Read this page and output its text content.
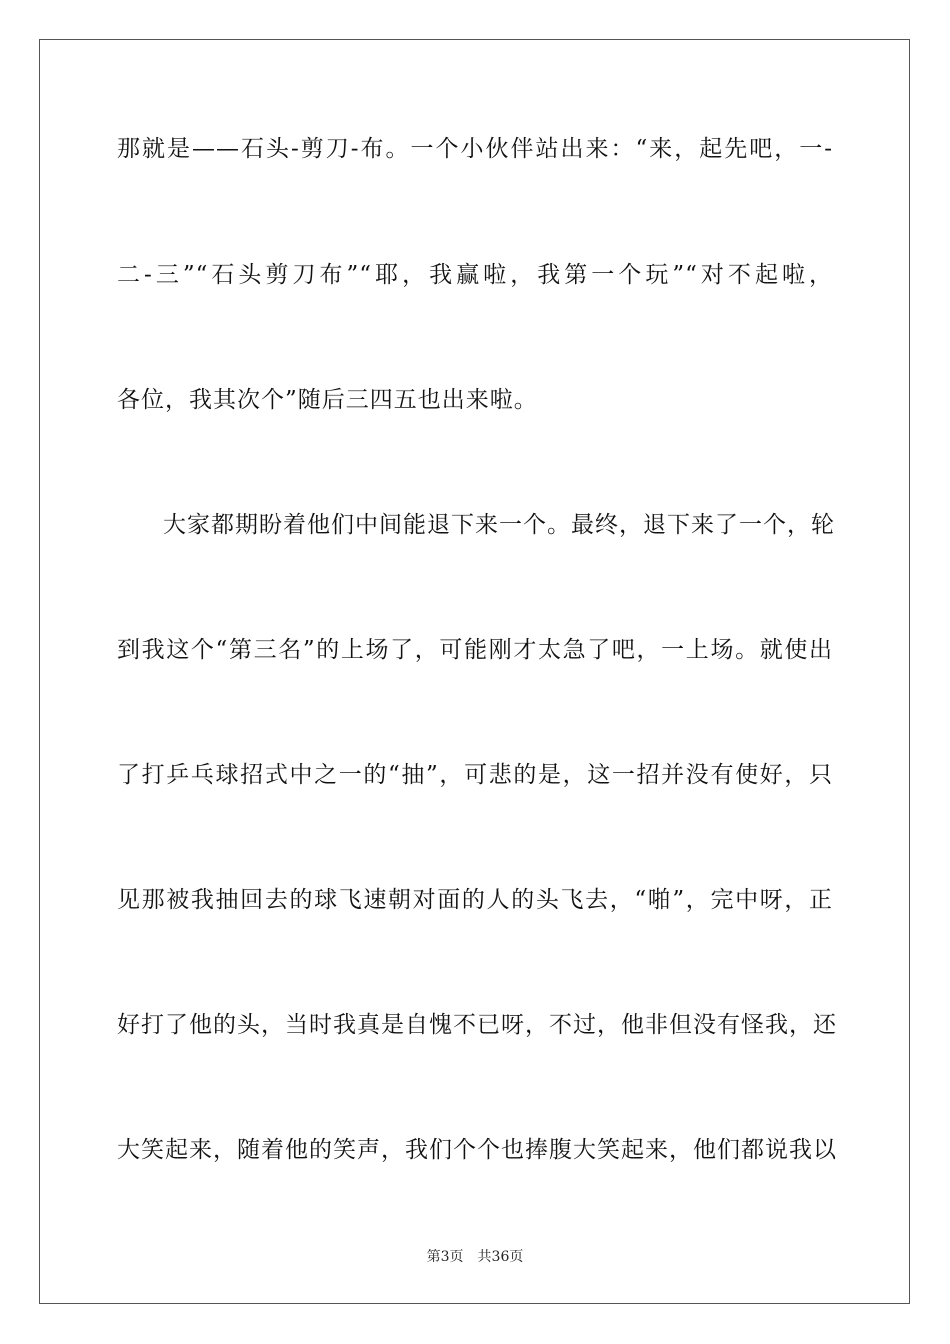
那就是——石头-剪刀-布。一个小伙伴站出来：“来，起先吧，一-
二-三”“石头剪刀布”“耶，我赢啦，我第一个玩”“对不起啦，
各位，我其次个”随后三四五也出来啦。
大家都期盼着他们中间能退下来一个。最终，退下来了一个，轮
到我这个“第三名”的上场了，可能刚才太急了吧，一上场。就使出
了打乒乓球招式中之一的“抽”，可悲的是，这一招并没有使好，只
见那被我抽回去的球飞速朝对面的人的头飞去，“啪”，完中呀，正
好打了他的头，当时我真是自愧不已呀，不过，他非但没有怪我，还
大笑起来，随着他的笑声，我们个个也捧腹大笑起来，他们都说我以
第3页 共36页
